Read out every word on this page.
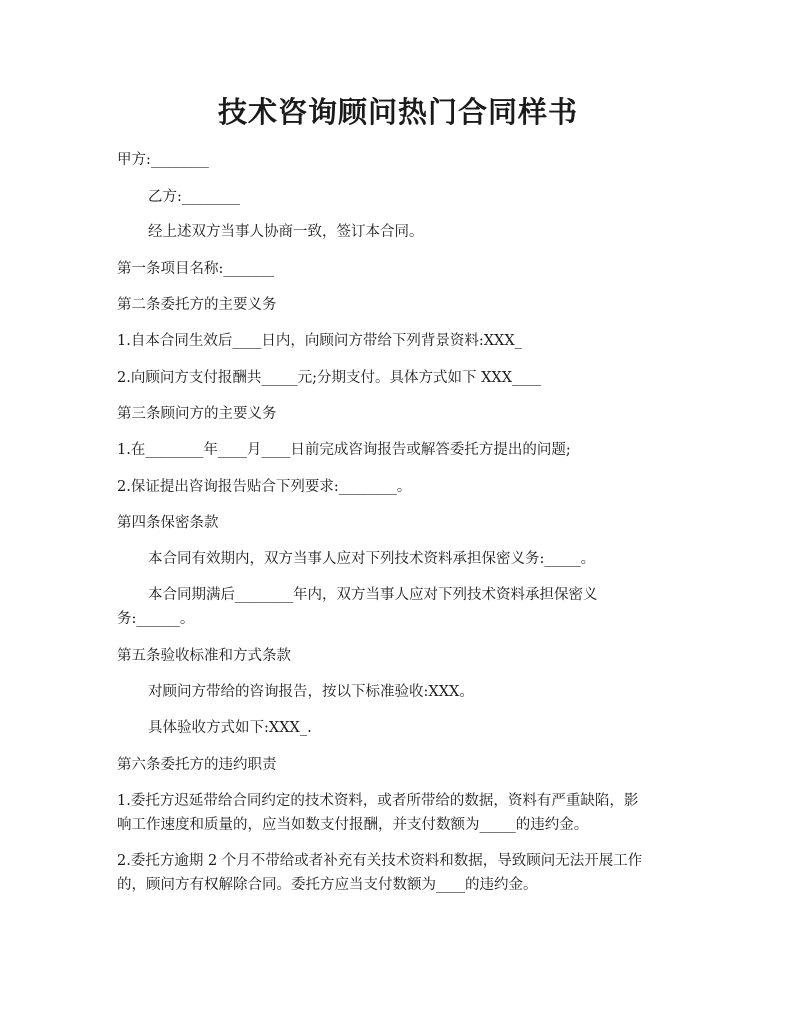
技术咨询顾问热门合同样书
甲方:________
乙方:________
经上述双方当事人协商一致，签订本合同。
第一条项目名称:_______
第二条委托方的主要义务
1.自本合同生效后____日内，向顾问方带给下列背景资料:XXX_
2.向顾问方支付报酬共_____元;分期支付。具体方式如下 XXX____
第三条顾问方的主要义务
1.在________年____月____日前完成咨询报告或解答委托方提出的问题;
2.保证提出咨询报告贴合下列要求:________。
第四条保密条款
本合同有效期内，双方当事人应对下列技术资料承担保密义务:_____。
本合同期满后________年内，双方当事人应对下列技术资料承担保密义
务:______。
第五条验收标准和方式条款
对顾问方带给的咨询报告，按以下标准验收:XXX。
具体验收方式如下:XXX_.
第六条委托方的违约职责
1.委托方迟延带给合同约定的技术资料，或者所带给的数据，资料有严重缺陷，影
响工作速度和质量的，应当如数支付报酬，并支付数额为_____的违约金。
2.委托方逾期 2 个月不带给或者补充有关技术资料和数据，导致顾问无法开展工作
的，顾问方有权解除合同。委托方应当支付数额为____的违约金。
